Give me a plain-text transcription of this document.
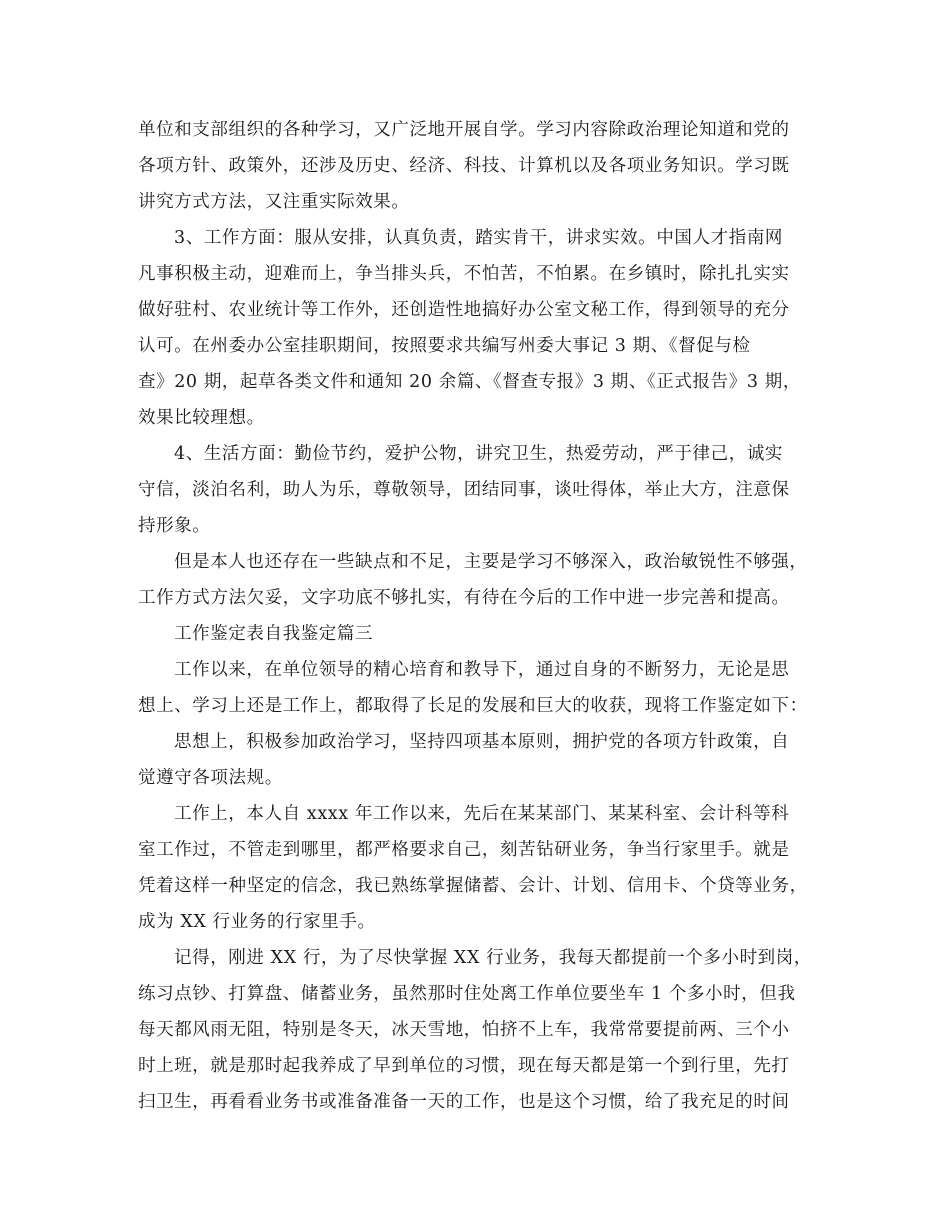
单位和支部组织的各种学习，又广泛地开展自学。学习内容除政治理论知道和党的
各项方针、政策外，还涉及历史、经济、科技、计算机以及各项业务知识。学习既
讲究方式方法，又注重实际效果。
3、工作方面：服从安排，认真负责，踏实肯干，讲求实效。中国人才指南网
凡事积极主动，迎难而上，争当排头兵，不怕苦，不怕累。在乡镇时，除扎扎实实
做好驻村、农业统计等工作外，还创造性地搞好办公室文秘工作，得到领导的充分
认可。在州委办公室挂职期间，按照要求共编写州委大事记 3 期、《督促与检
查》20 期，起草各类文件和通知 20 余篇、《督查专报》3 期、《正式报告》3 期，
效果比较理想。
4、生活方面：勤俭节约，爱护公物，讲究卫生，热爱劳动，严于律己，诚实
守信，淡泊名利，助人为乐，尊敬领导，团结同事，谈吐得体，举止大方，注意保
持形象。
但是本人也还存在一些缺点和不足，主要是学习不够深入，政治敏锐性不够强，
工作方式方法欠妥，文字功底不够扎实，有待在今后的工作中进一步完善和提高。
工作鉴定表自我鉴定篇三
工作以来，在单位领导的精心培育和教导下，通过自身的不断努力，无论是思
想上、学习上还是工作上，都取得了长足的发展和巨大的收获，现将工作鉴定如下：
思想上，积极参加政治学习，坚持四项基本原则，拥护党的各项方针政策，自
觉遵守各项法规。
工作上，本人自 xxxx 年工作以来，先后在某某部门、某某科室、会计科等科
室工作过，不管走到哪里，都严格要求自己，刻苦钻研业务，争当行家里手。就是
凭着这样一种坚定的信念，我已熟练掌握储蓄、会计、计划、信用卡、个贷等业务，
成为 XX 行业务的行家里手。
记得，刚进 XX 行，为了尽快掌握 XX 行业务，我每天都提前一个多小时到岗，
练习点钞、打算盘、储蓄业务，虽然那时住处离工作单位要坐车 1 个多小时，但我
每天都风雨无阻，特别是冬天，冰天雪地，怕挤不上车，我常常要提前两、三个小
时上班，就是那时起我养成了早到单位的习惯，现在每天都是第一个到行里，先打
扫卫生，再看看业务书或准备准备一天的工作，也是这个习惯，给了我充足的时间
